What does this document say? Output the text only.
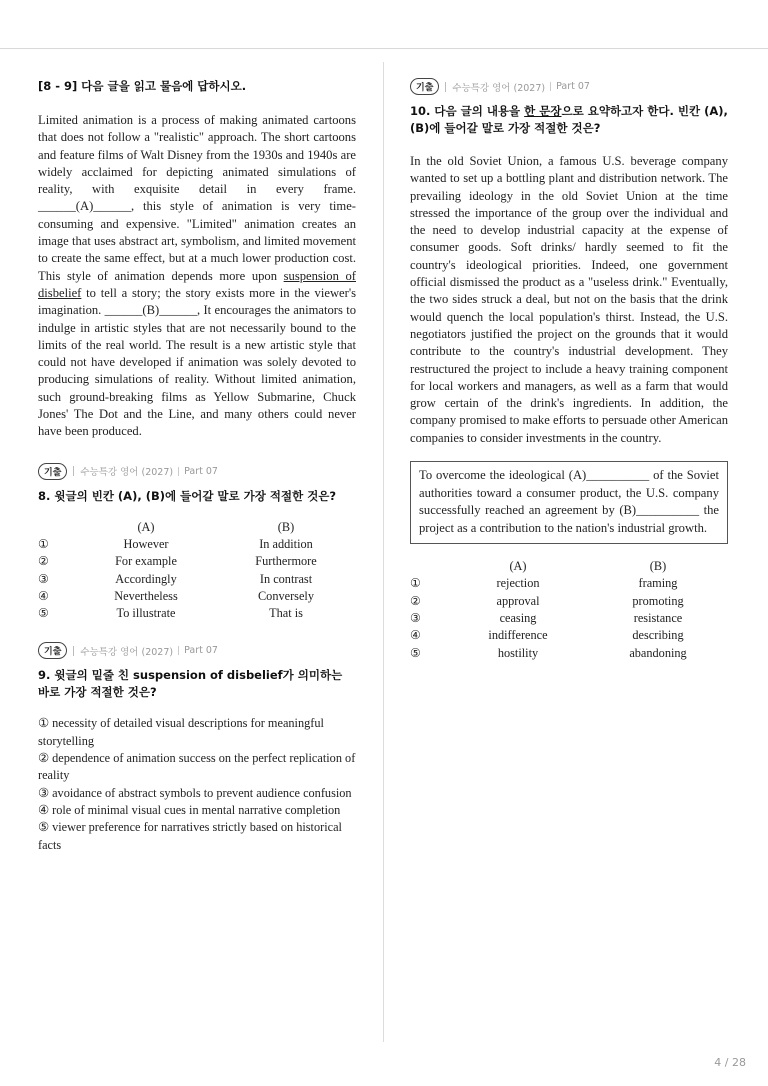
[8 - 9] 다음 글을 읽고 물음에 답하시오.

Limited animation is a process of making animated cartoons that does not follow a "realistic" approach. The short cartoons and feature films of Walt Disney from the 1930s and 1940s are widely acclaimed for depicting animated simulations of reality, with exquisite detail in every frame. ______(A)______, this style of animation is very time-consuming and expensive. "Limited" animation creates an image that uses abstract art, symbolism, and limited movement to create the same effect, but at a much lower production cost. This style of animation depends more upon suspension of disbelief to tell a story; the story exists more in the viewer's imagination. ______(B)______, It encourages the animators to indulge in artistic styles that are not necessarily bound to the limits of the real world. The result is a new artistic style that could not have developed if animation was solely devoted to producing simulations of reality. Without limited animation, such ground-breaking films as Yellow Submarine, Chuck Jones' The Dot and the Line, and many others could never have been produced.

기출	수능특강 영어 (2027) Part 07
8. 윗글의 빈칸 (A), (B)에 들어갈 말로 가장 적절한 것은?
	(A)	(B)
①	However	In addition
②	For example	Furthermore
③	Accordingly	In contrast
④	Nevertheless	Conversely
⑤	To illustrate	That is
기출	수능특강 영어 (2027) Part 07
9. 윗글의 밑줄 친 suspension of disbelief가 의미하는 바로 가장 적절한 것은?

① necessity of detailed visual descriptions for meaningful storytelling

② dependence of animation success on the perfect replication of reality

③ avoidance of abstract symbols to prevent audience confusion

④ role of minimal visual cues in mental narrative completion

⑤ viewer preference for narratives strictly based on historical facts

기출	수능특강 영어 (2027) Part 07
10. 다음 글의 내용을 한 문장으로 요약하고자 한다. 빈칸 (A), (B)에 들어갈 말로 가장 적절한 것은?

In the old Soviet Union, a famous U.S. beverage company wanted to set up a bottling plant and distribution network. The prevailing ideology in the old Soviet Union at the time stressed the importance of the group over the individual and the need to develop industrial capacity at the expense of consumer goods. Soft drinks/ hardly seemed to fit the country's ideological priorities. Indeed, one government official dismissed the product as a "useless drink." Eventually, the two sides struck a deal, but not on the basis that the drink would quench the local population's thirst. Instead, the U.S. negotiators justified the project on the grounds that it would contribute to the country's industrial development. They restructured the project to include a heavy training component for local workers and managers, as well as a farm that would grow certain of the drink's ingredients. In addition, the company promised to make efforts to persuade other American companies to consider investments in the country.

To overcome the ideological (A)__________ of the Soviet authorities toward a consumer product, the U.S. company successfully reached an agreement by (B)__________ the project as a contribution to the nation's industrial growth.
	(A)	(B)
①	rejection	framing
②	approval	promoting
③	ceasing	resistance
④	indifference	describing
⑤	hostility	abandoning
4 / 28
